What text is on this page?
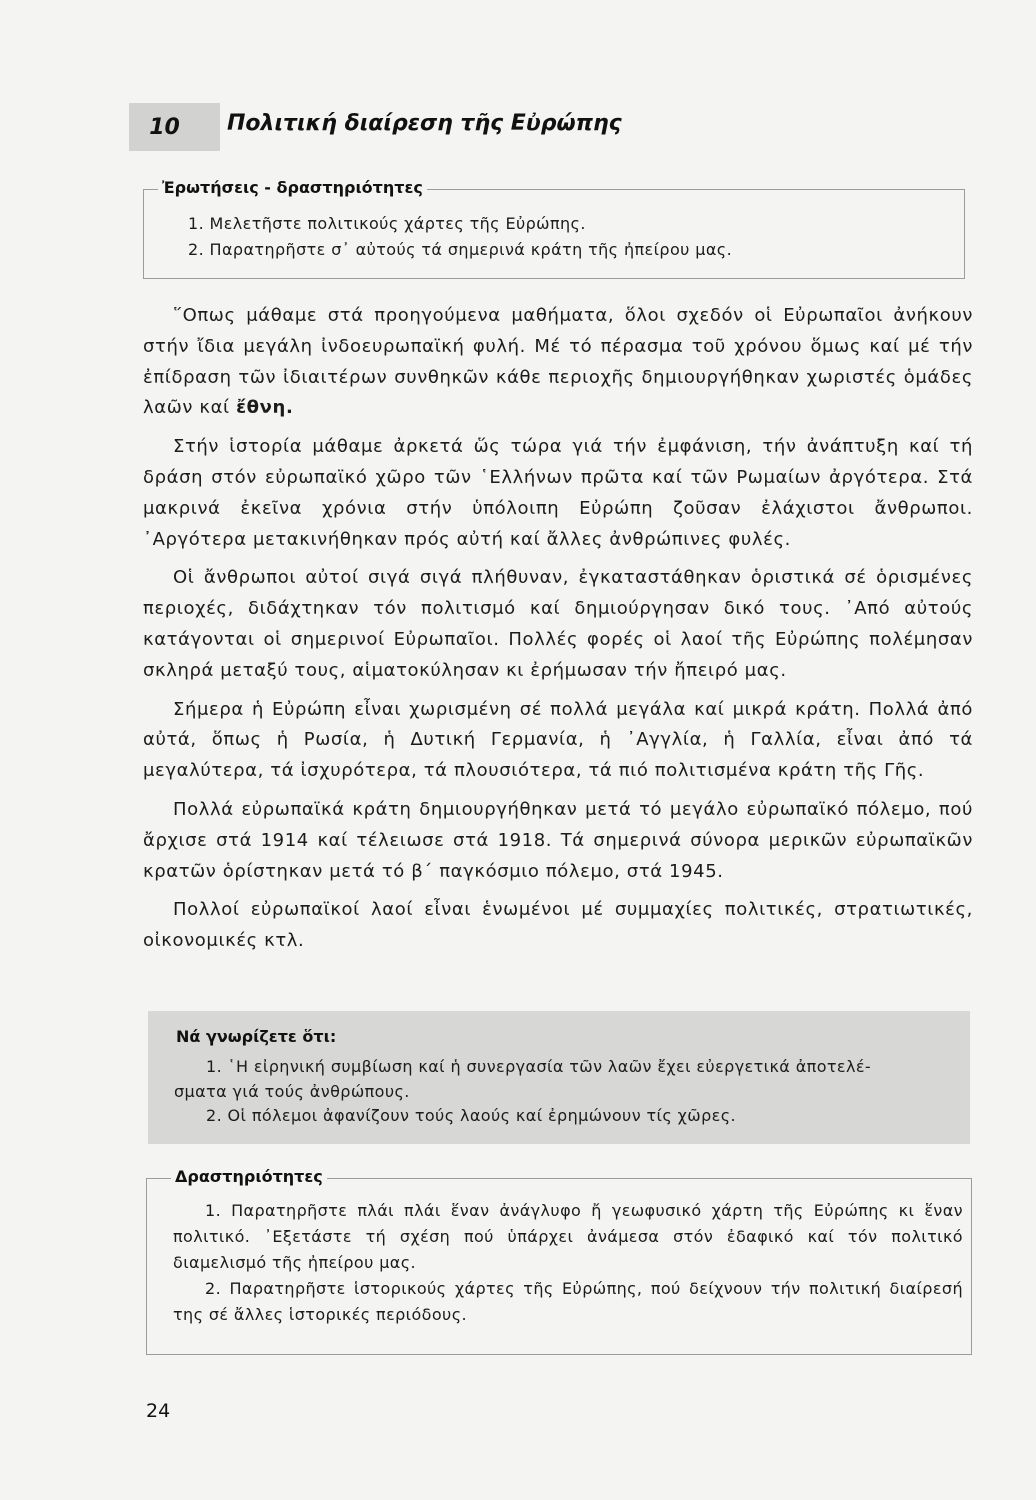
10 Πολιτική διαίρεση τῆς Εὐρώπης
Ἐρωτήσεις - δραστηριότητες
1. Μελετῆστε πολιτικούς χάρτες τῆς Εὐρώπης.
2. Παρατηρῆστε σ᾽ αὐτούς τά σημερινά κράτη τῆς ἠπείρου μας.

῞Οπως μάθαμε στά προηγούμενα μαθήματα, ὅλοι σχεδόν οἱ Εὐρωπαῖοι ἀνήκουν στήν ἴδια μεγάλη ἰνδοευρωπαϊκή φυλή. Μέ τό πέρασμα τοῦ χρόνου ὅμως καί μέ τήν ἐπίδραση τῶν ἰδιαιτέρων συνθηκῶν κάθε περιοχῆς δημιουργήθηκαν χωριστές ὁμάδες λαῶν καί ἔθνη.

Στήν ἱστορία μάθαμε ἀρκετά ὥς τώρα γιά τήν ἐμφάνιση, τήν ἀνάπτυξη καί τή δράση στόν εὐρωπαϊκό χῶρο τῶν ῾Ελλήνων πρῶτα καί τῶν Ρωμαίων ἀργότερα. Στά μακρινά ἐκεῖνα χρόνια στήν ὑπόλοιπη Εὐρώπη ζοῦσαν ἐλάχιστοι ἄνθρωποι. ᾽Αργότερα μετακινήθηκαν πρός αὐτή καί ἄλλες ἀνθρώπινες φυλές.

Οἱ ἄνθρωποι αὐτοί σιγά σιγά πλήθυναν, ἐγκαταστάθηκαν ὁριστικά σέ ὁρισμένες περιοχές, διδάχτηκαν τόν πολιτισμό καί δημιούργησαν δικό τους. ᾽Από αὐτούς κατάγονται οἱ σημερινοί Εὐρωπαῖοι. Πολλές φορές οἱ λαοί τῆς Εὐρώπης πολέμησαν σκληρά μεταξύ τους, αἱματοκύλησαν κι ἐρήμωσαν τήν ἤπειρό μας.

Σήμερα ἡ Εὐρώπη εἶναι χωρισμένη σέ πολλά μεγάλα καί μικρά κράτη. Πολλά ἀπό αὐτά, ὅπως ἡ Ρωσία, ἡ Δυτική Γερμανία, ἡ ᾽Αγγλία, ἡ Γαλλία, εἶναι ἀπό τά μεγαλύτερα, τά ἰσχυρότερα, τά πλουσιότερα, τά πιό πολιτισμένα κράτη τῆς Γῆς.

Πολλά εὐρωπαϊκά κράτη δημιουργήθηκαν μετά τό μεγάλο εὐρωπαϊκό πόλεμο, πού ἄρχισε στά 1914 καί τέλειωσε στά 1918. Τά σημερινά σύνορα μερικῶν εὐρωπαϊκῶν κρατῶν ὁρίστηκαν μετά τό β΄ παγκόσμιο πόλεμο, στά 1945.

Πολλοί εὐρωπαϊκοί λαοί εἶναι ἑνωμένοι μέ συμμαχίες πολιτικές, στρατιωτικές, οἰκονομικές κτλ.

Νά γνωρίζετε ὅτι:
1. ῾Η εἰρηνική συμβίωση καί ἡ συνεργασία τῶν λαῶν ἔχει εὐεργετικά ἀποτελέ-
σματα γιά τούς ἀνθρώπους.
2. Οἱ πόλεμοι ἀφανίζουν τούς λαούς καί ἐρημώνουν τίς χῶρες.
Δραστηριότητες
1. Παρατηρῆστε πλάι πλάι ἕναν ἀνάγλυφο ἤ γεωφυσικό χάρτη τῆς Εὐρώπης κι ἕναν πολιτικό. ᾽Εξετάστε τή σχέση πού ὑπάρχει ἀνάμεσα στόν ἐδαφικό καί τόν πολιτικό διαμελισμό τῆς ἠπείρου μας.
2. Παρατηρῆστε ἱστορικούς χάρτες τῆς Εὐρώπης, πού δείχνουν τήν πολιτική διαίρεσή της σέ ἄλλες ἱστορικές περιόδους.
24
